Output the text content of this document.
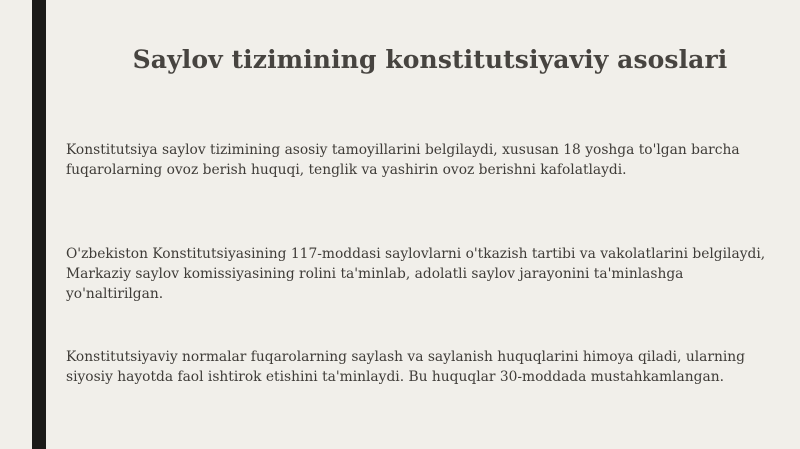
Saylov tizimining konstitutsiyaviy asoslari

Konstitutsiya saylov tizimining asosiy tamoyillarini belgilaydi, xususan 18 yoshga to'lgan barcha fuqarolarning ovoz berish huquqi, tenglik va yashirin ovoz berishni kafolatlaydi.

O'zbekiston Konstitutsiyasining 117-moddasi saylovlarni o'tkazish tartibi va vakolatlarini belgilaydi, Markaziy saylov komissiyasining rolini ta'minlab, adolatli saylov jarayonini ta'minlashga yo'naltirilgan.

Konstitutsiyaviy normalar fuqarolarning saylash va saylanish huquqlarini himoya qiladi, ularning siyosiy hayotda faol ishtirok etishini ta'minlaydi. Bu huquqlar 30-moddada mustahkamlangan.
